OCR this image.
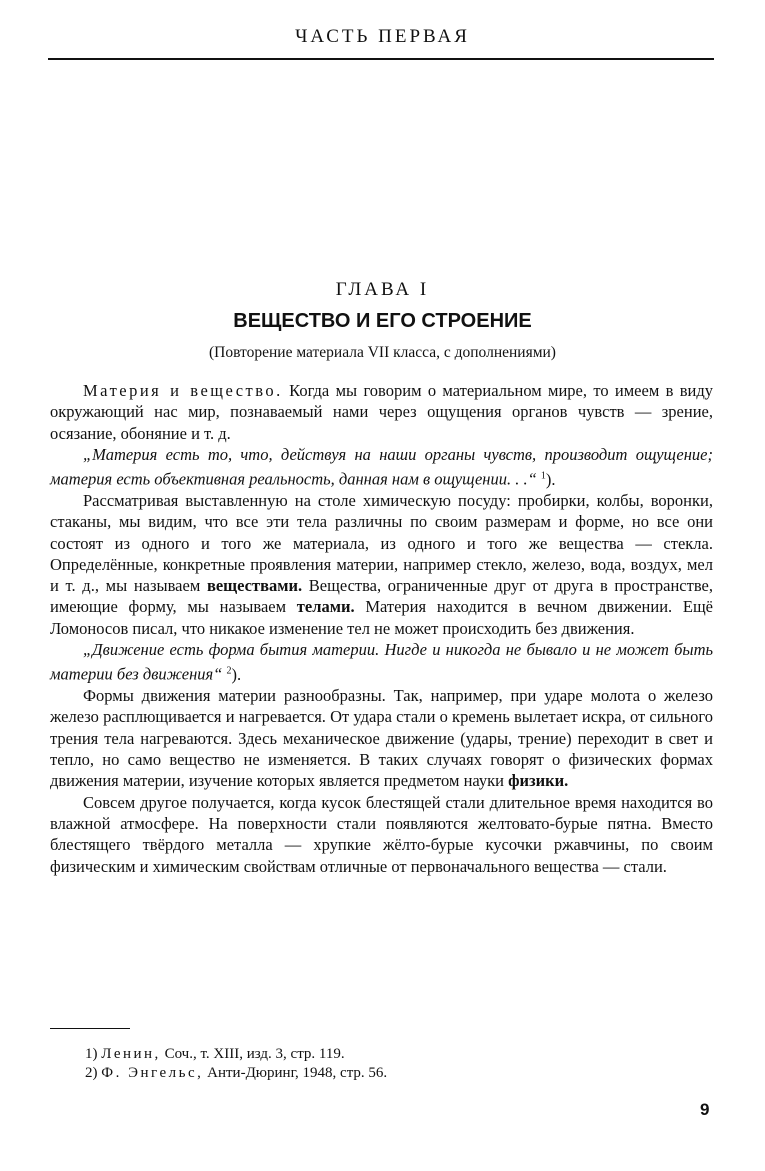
ЧАСТЬ ПЕРВАЯ
ГЛАВА I
ВЕЩЕСТВО И ЕГО СТРОЕНИЕ
(Повторение материала VII класса, с дополнениями)

Материя и вещество. Когда мы говорим о материальном мире, то имеем в виду окружающий нас мир, познаваемый нами через ощущения органов чувств — зрение, осязание, обоняние и т. д.

„Материя есть то, что, действуя на наши органы чувств, производит ощущение; материя есть объективная реальность, данная нам в ощущении. . .“ $^1$).

Рассматривая выставленную на столе химическую посуду: пробирки, колбы, воронки, стаканы, мы видим, что все эти тела различны по своим размерам и форме, но все они состоят из одного и того же материала, из одного и того же вещества — стекла. Определённые, конкретные проявления материи, например стекло, железо, вода, воздух, мел и т. д., мы называем веществами. Вещества, ограниченные друг от друга в пространстве, имеющие форму, мы называем телами. Материя находится в вечном движении. Ещё Ломоносов писал, что никакое изменение тел не может происходить без движения.

„Движение есть форма бытия материи. Нигде и никогда не бывало и не может быть материи без движения“ $^2$).

Формы движения материи разнообразны. Так, например, при ударе молота о железо железо расплющивается и нагревается. От удара стали о кремень вылетает искра, от сильного трения тела нагреваются. Здесь механическое движение (удары, трение) переходит в свет и тепло, но само вещество не изменяется. В таких случаях говорят о физических формах движения материи, изучение которых является предметом науки физики.

Совсем другое получается, когда кусок блестящей стали длительное время находится во влажной атмосфере. На поверхности стали появляются желтовато-бурые пятна. Вместо блестящего твёрдого металла — хрупкие жёлто-бурые кусочки ржавчины, по своим физическим и химическим свойствам отличные от первоначального вещества — стали.

1) Ленин, Соч., т. XIII, изд. 3, стр. 119.
2) Ф. Энгельс, Анти-Дюринг, 1948, стр. 56.
9
